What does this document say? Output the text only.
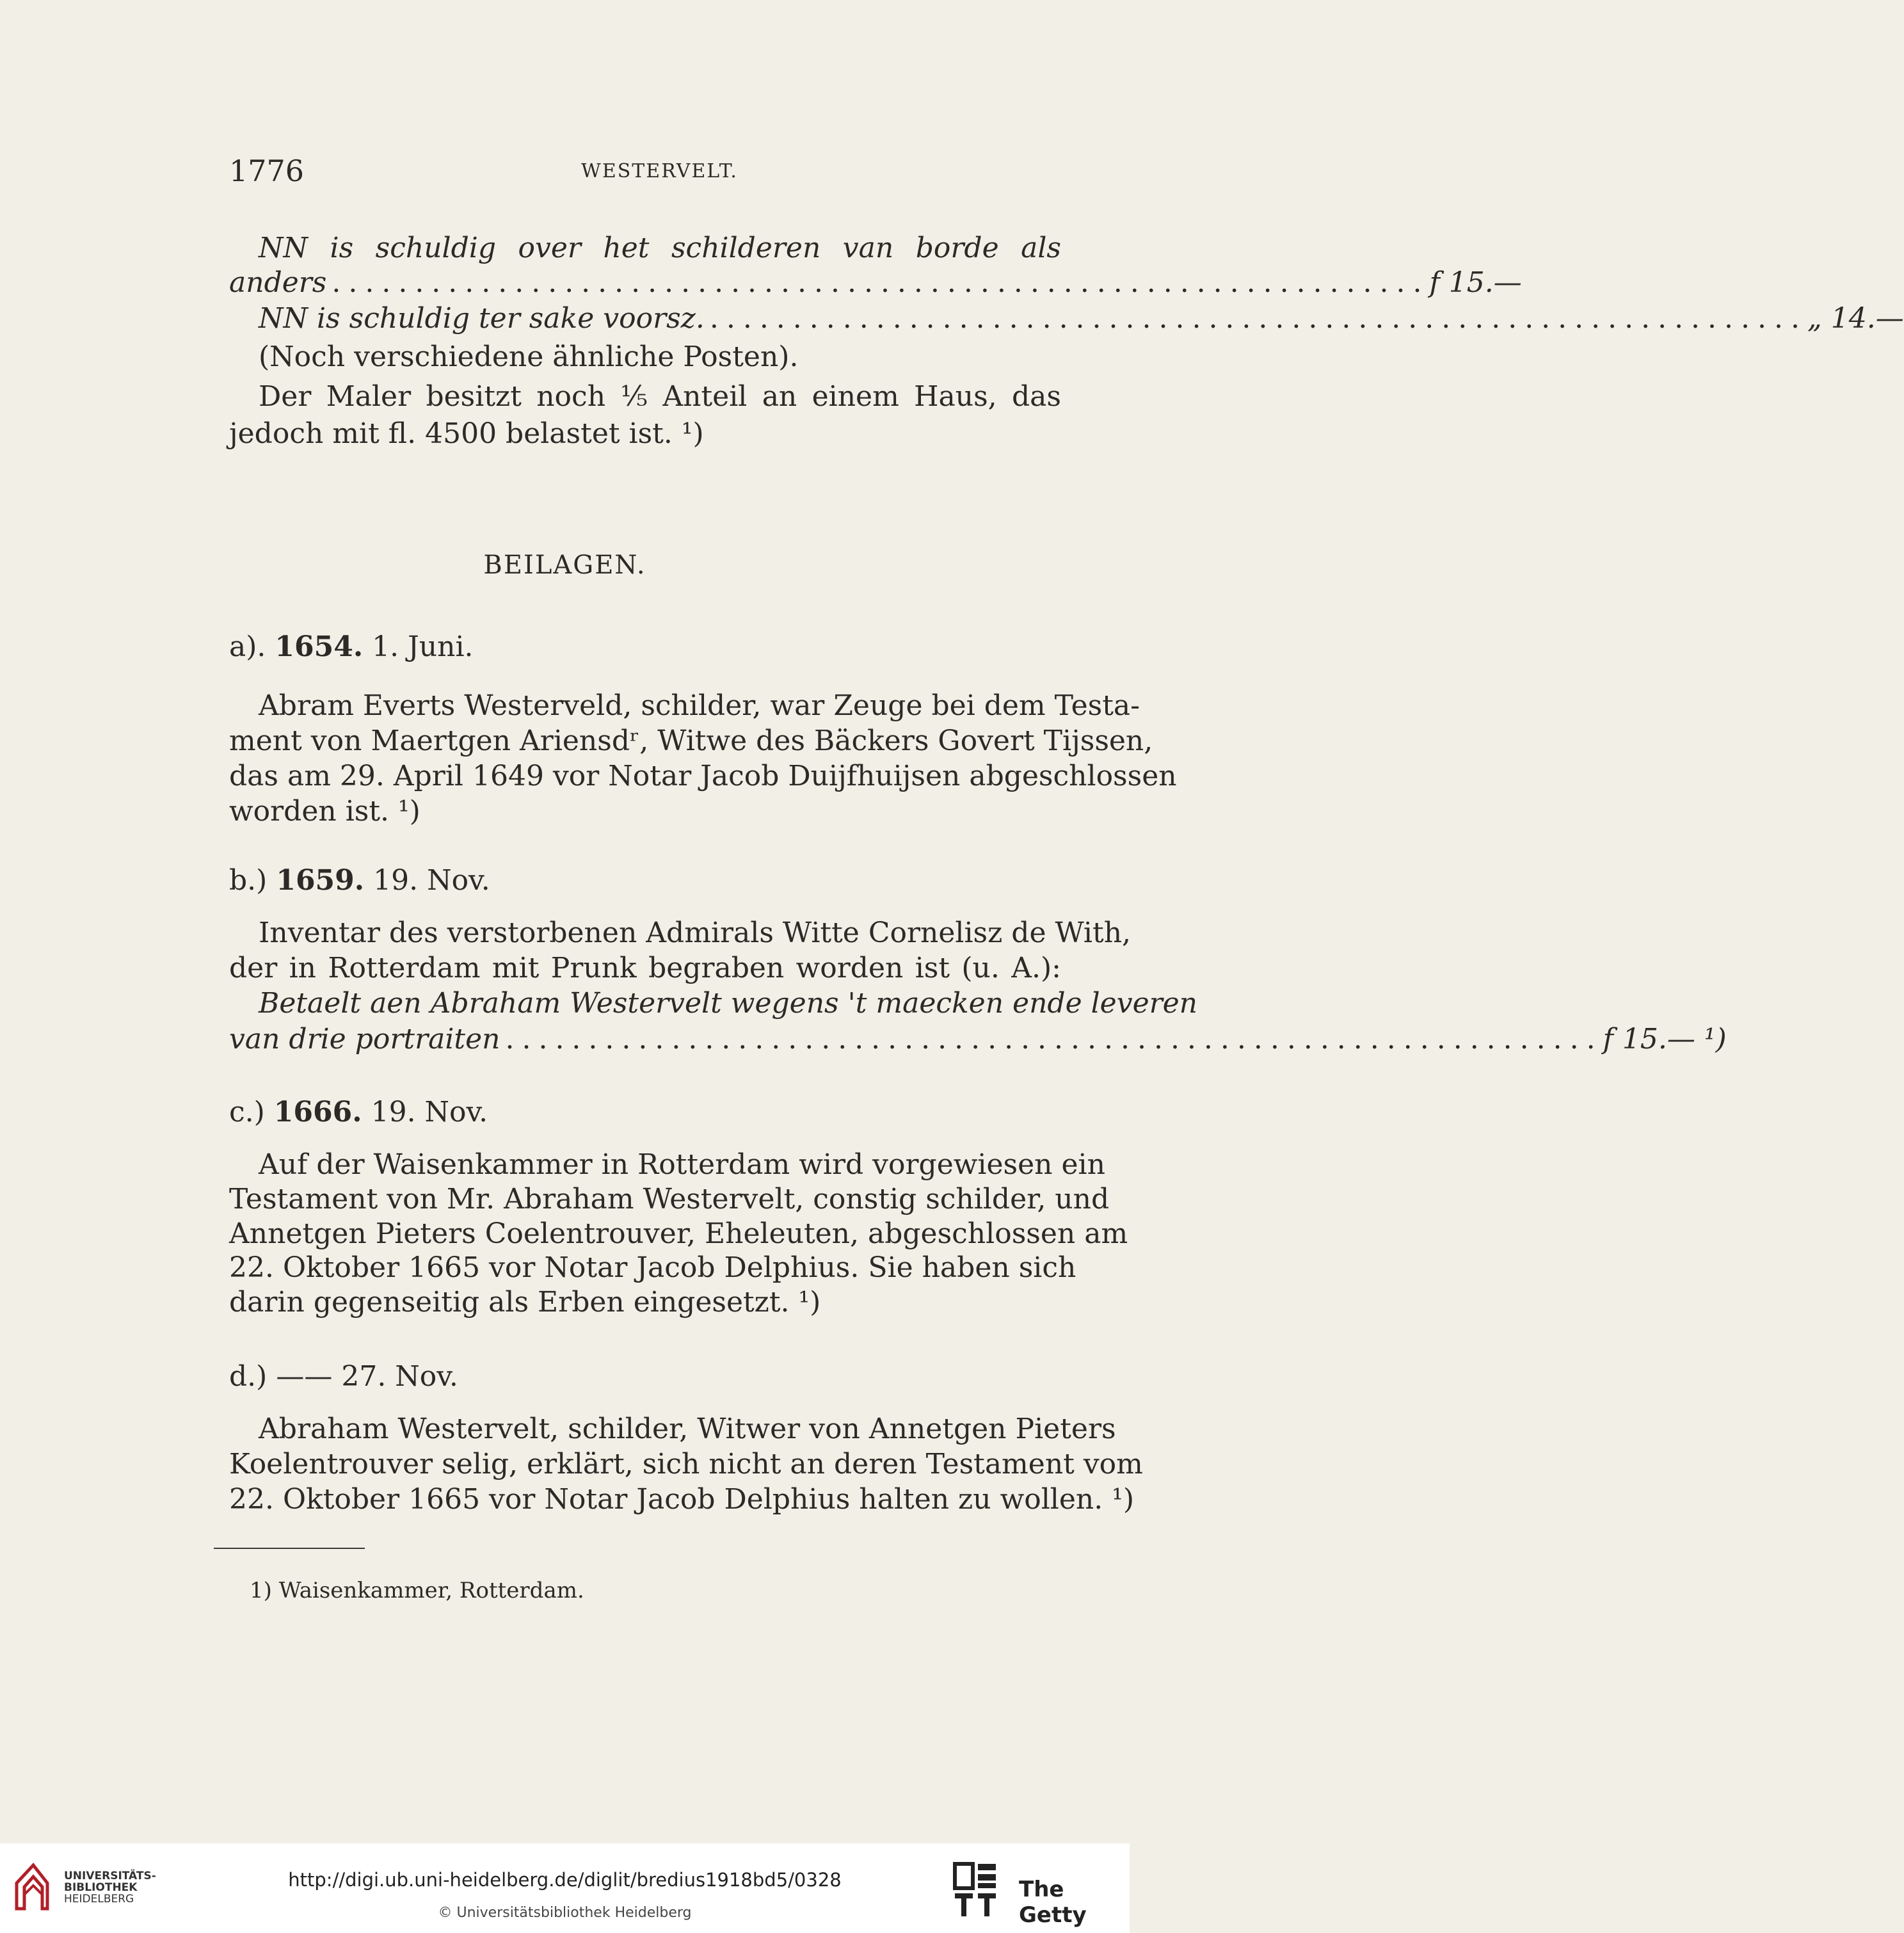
1776	WESTERVELT.
NN is schuldig over het schilderen van borde als
anders .................................................................. f 15.—
NN is schuldig ter sake voorsz. .................................................................. „ 14.—
(Noch verschiedene ähnliche Posten).
Der Maler besitzt noch ⅕ Anteil an einem Haus, das
jedoch mit fl. 4500 belastet ist. ¹)
BEILAGEN.
a). 1654. 1. Juni.
Abram Everts Westerveld, schilder, war Zeuge bei dem Testa-
ment von Maertgen Ariensdʳ, Witwe des Bäckers Govert Tijssen,
das am 29. April 1649 vor Notar Jacob Duijfhuijsen abgeschlossen
worden ist. ¹)
b.) 1659. 19. Nov.
Inventar des verstorbenen Admirals Witte Cornelisz de With,
der in Rotterdam mit Prunk begraben worden ist (u. A.):
Betaelt aen Abraham Westervelt wegens 't maecken ende leveren
van drie portraiten .................................................................. f 15.— ¹)
c.) 1666. 19. Nov.
Auf der Waisenkammer in Rotterdam wird vorgewiesen ein
Testament von Mr. Abraham Westervelt, constig schilder, und
Annetgen Pieters Coelentrouver, Eheleuten, abgeschlossen am
22. Oktober 1665 vor Notar Jacob Delphius. Sie haben sich
darin gegenseitig als Erben eingesetzt. ¹)
d.) —— 27. Nov.
Abraham Westervelt, schilder, Witwer von Annetgen Pieters
Koelentrouver selig, erklärt, sich nicht an deren Testament vom
22. Oktober 1665 vor Notar Jacob Delphius halten zu wollen. ¹)
1) Waisenkammer, Rotterdam.
UNIVERSITÄTS-
BIBLIOTHEK
HEIDELBERG
http://digi.ub.uni-heidelberg.de/diglit/bredius1918bd5/0328
© Universitätsbibliothek Heidelberg
The Getty
